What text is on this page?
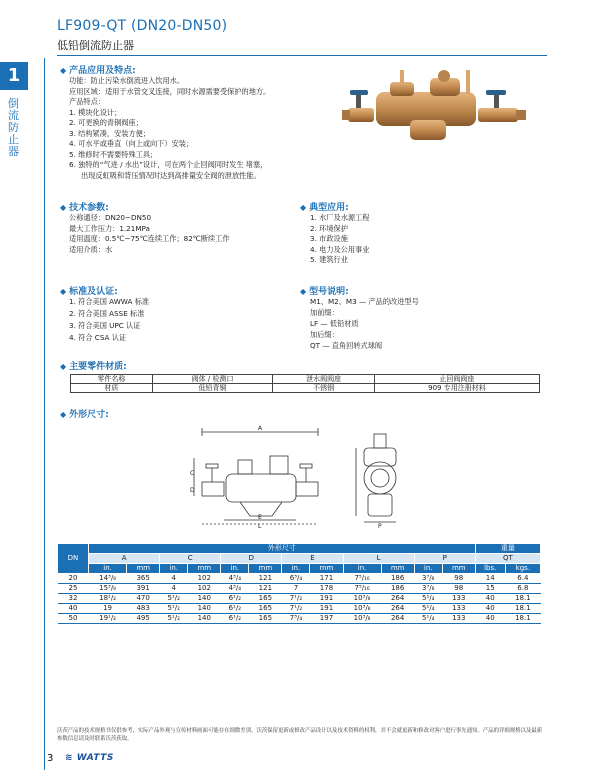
LF909-QT (DN20-DN50)
低铅倒流防止器
1
倒流防止器
◆ 产品应用及特点:
功能：防止污染水倒流进入饮用水。
应用区域：适用于水管交叉连接，同时水源需要受保护的地方。
产品特点：
1. 模块化设计；
2. 可更换的青铜阀座；
3. 结构紧凑，安装方便；
4. 可水平或垂直（向上或向下）安装；
5. 维修时不需要特殊工具；
6. 独特的“气进 / 水出”设计，可在两个止回阀同时发生 堵塞，
出现反虹吸和背压情况时达到高排量安全阀的泄放性能。
◆ 技术参数:
公称通径：DN20~DN50
最大工作压力：1.21MPa
适用温度：0.5℃~75℃连续工作；82℃断续工作
适用介质：水
◆ 典型应用:
1. 水厂及水源工程
2. 环境保护
3. 市政设施
4. 电力及公用事业
5. 建筑行业
◆ 标准及认证:
1. 符合美国 AWWA 标准
2. 符合美国 ASSE 标准
3. 符合美国 UPC 认证
4. 符合 CSA 认证
◆ 型号说明:
M1、M2、M3 — 产品的改进型号
加前缀：
LF — 低铅材质
加后缀：
QT — 直角回转式球阀
◆ 主要零件材质:
零件名称	阀体 / 检测口	泄水阀阀座	止回阀阀座
材质	低铅青铜	不锈钢	909 专用注册材料
◆ 外形尺寸:
A
C
D
E
L	P
DN	外形尺寸												重量	
	A		C		D		E		L		P		QT	
	in.	mm	in.	mm	in.	mm	in.	mm	in.	mm	in.	mm	lbs.	kgs.
20	14³/₈	365	4	102	4³/₄	121	6³/₄	171	7⁵/₁₆	186	3⁷/₈	98	14	6.4
25	15³/₈	391	4	102	4³/₄	121	7	178	7⁵/₁₆	186	3⁷/₈	98	15	6.8
32	18¹/₂	470	5¹/₂	140	6¹/₂	165	7¹/₂	191	10³/₈	264	5¹/₄	133	40	18.1
40	19	483	5¹/₂	140	6¹/₂	165	7¹/₂	191	10³/₈	264	5¹/₄	133	40	18.1
50	19¹/₂	495	5¹/₂	140	6¹/₂	165	7³/₄	197	10³/₈	264	5¹/₄	133	40	18.1
沃茨产品的技术规格书仅供参考，实际产品外观与宣传材料画面可能存在细微差别。沃茨保留更新或修改产品设计以及技术资料的权利，并不会就更新和修改对客户进行事先通知。产品的详细规格以及最新参数信息请及时联系沃茨获取。
3 ≋ WATTS
